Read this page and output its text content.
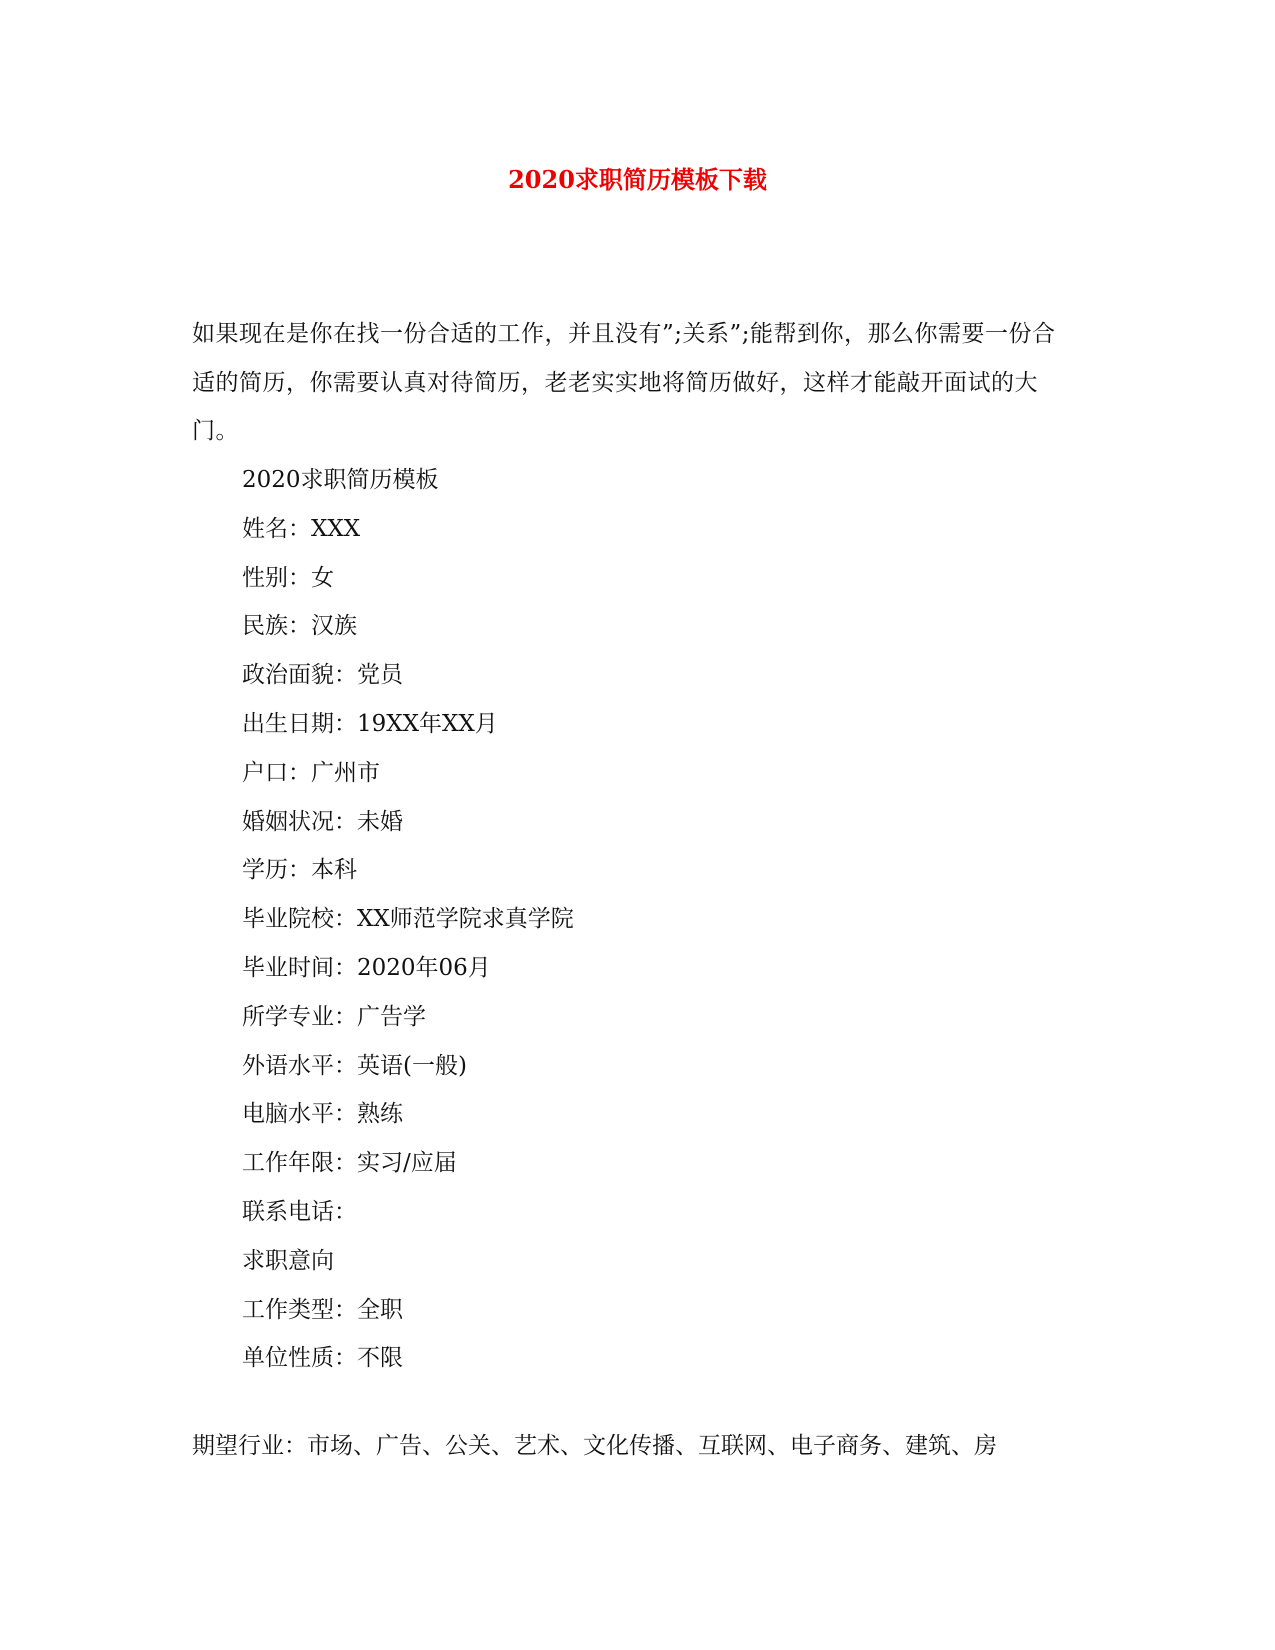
2020求职简历模板下载
如果现在是你在找一份合适的工作，并且没有”;关系”;能帮到你，那么你需要一份合适的简历，你需要认真对待简历，老老实实地将简历做好，这样才能敲开面试的大门。
2020求职简历模板
姓名：XXX
性别：女
民族：汉族
政治面貌：党员
出生日期：19XX年XX月
户口：广州市
婚姻状况：未婚
学历：本科
毕业院校：XX师范学院求真学院
毕业时间：2020年06月
所学专业：广告学
外语水平：英语(一般)
电脑水平：熟练
工作年限：实习/应届
联系电话：
求职意向
工作类型：全职
单位性质：不限
期望行业：市场、广告、公关、艺术、文化传播、互联网、电子商务、建筑、房
